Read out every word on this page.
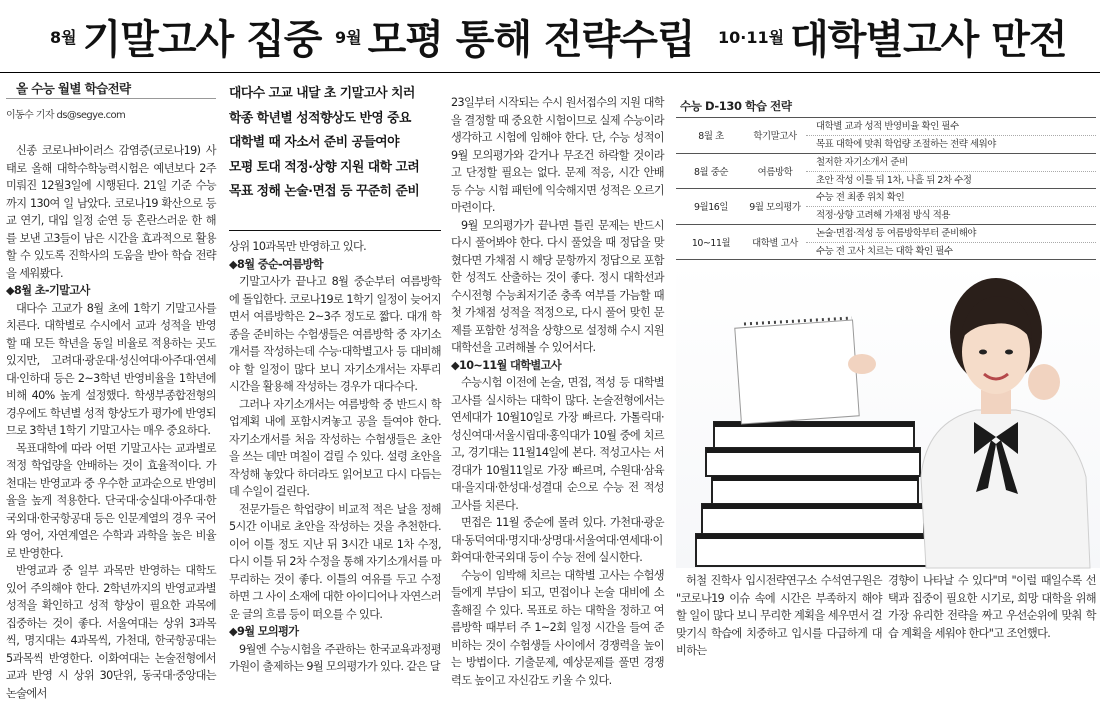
8월 기말고사 집중 9월 모평 통해 전략수립 10·11월 대학별고사 만전

올 수능 월별 학습전략

이동수 기자 ds@segye.com

신종 코로나바이러스 감염증(코로나19) 사태로 올해 대학수학능력시험은 예년보다 2주 미뤄진 12월3일에 시행된다. 21일 기준 수능까지 130여 일 남았다. 코로나19 확산으로 등교 연기, 대입 일정 순연 등 혼란스러운 한 해를 보낸 고3들이 남은 시간을 효과적으로 활용할 수 있도록 진학사의 도움을 받아 학습 전략을 세워봤다.

◆8월 초-기말고사

대다수 고교가 8월 초에 1학기 기말고사를 치른다. 대학별로 수시에서 교과 성적을 반영할 때 모든 학년을 동일 비율로 적용하는 곳도 있지만, 고려대·광운대·성신여대·아주대·연세대·인하대 등은 2~3학년 반영비율을 1학년에 비해 40% 높게 설정했다. 학생부종합전형의 경우에도 학년별 성적 향상도가 평가에 반영되므로 3학년 1학기 기말고사는 매우 중요하다.

목표대학에 따라 어떤 기말고사는 교과별로 적정 학업량을 안배하는 것이 효율적이다. 가천대는 반영교과 중 우수한 교과순으로 반영비율을 높게 적용한다. 단국대·숭실대·아주대·한국외대·한국항공대 등은 인문계열의 경우 국어와 영어, 자연계열은 수학과 과학을 높은 비율로 반영한다.

반영교과 중 일부 과목만 반영하는 대학도 있어 주의해야 한다. 2학년까지의 반영교과별 성적을 확인하고 성적 향상이 필요한 과목에 집중하는 것이 좋다. 서울여대는 상위 3과목씩, 명지대는 4과목씩, 가천대, 한국항공대는 5과목씩 반영한다. 이화여대는 논술전형에서 교과 반영 시 상위 30단위, 동국대·중앙대는 논술에서

대다수 고교 내달 초 기말고사 치러
학종 학년별 성적향상도 반영 중요
대학별 때 자소서 준비 공들여야
모평 토대 적정·상향 지원 대학 고려
목표 정해 논술·면접 등 꾸준히 준비

상위 10과목만 반영하고 있다.

◆8월 중순-여름방학

기말고사가 끝나고 8월 중순부터 여름방학에 돌입한다. 코로나19로 1학기 일정이 늦어지면서 여름방학은 2~3주 정도로 짧다. 대개 학종을 준비하는 수험생들은 여름방학 중 자기소개서를 작성하는데 수능·대학별고사 등 대비해야 할 일정이 많다 보니 자기소개서는 자투리 시간을 활용해 작성하는 경우가 대다수다.

그러나 자기소개서는 여름방학 중 반드시 학업계획 내에 포함시켜놓고 공을 들여야 한다. 자기소개서를 처음 작성하는 수험생들은 초안을 쓰는 데만 며칠이 걸릴 수 있다. 설령 초안을 작성해 놓았다 하더라도 읽어보고 다시 다듬는 데 수일이 걸린다.

전문가들은 학업량이 비교적 적은 날을 정해 5시간 이내로 초안을 작성하는 것을 추천한다. 이어 이틀 정도 지난 뒤 3시간 내로 1차 수정, 다시 이틀 뒤 2차 수정을 통해 자기소개서를 마무리하는 것이 좋다. 이틀의 여유를 두고 수정하면 그 사이 소재에 대한 아이디어나 자연스러운 글의 흐름 등이 떠오를 수 있다.

◆9월 모의평가

9월엔 수능시험을 주관하는 한국교육과정평가원이 출제하는 9월 모의평가가 있다. 같은 달

23일부터 시작되는 수시 원서접수의 지원 대학을 결정할 때 중요한 시험이므로 실제 수능이라 생각하고 시험에 임해야 한다. 단, 수능 성적이 9월 모의평가와 같거나 무조건 하락할 것이라고 단정할 필요는 없다. 문제 적응, 시간 안배 등 수능 시험 패턴에 익숙해지면 성적은 오르기 마련이다.

9월 모의평가가 끝나면 틀린 문제는 반드시 다시 풀어봐야 한다. 다시 풀었을 때 정답을 맞혔다면 가채점 시 해당 문항까지 정답으로 포함한 성적도 산출하는 것이 좋다. 정시 대학선과 수시전형 수능최저기준 충족 여부를 가늠할 때 첫 가채점 성적을 적정으로, 다시 풀어 맞힌 문제를 포함한 성적을 상향으로 설정해 수시 지원 대학선을 고려해볼 수 있어서다.

◆10~11월 대학별고사

수능시험 이전에 논술, 면접, 적성 등 대학별고사를 실시하는 대학이 많다. 논술전형에서는 연세대가 10월10일로 가장 빠르다. 가톨릭대·성신여대·서울시립대·홍익대가 10월 중에 치르고, 경기대는 11월14일에 본다. 적성고사는 서경대가 10월11일로 가장 빠르며, 수원대·삼육대·을지대·한성대·성결대 순으로 수능 전 적성고사를 치른다.

면접은 11월 중순에 몰려 있다. 가천대·광운대·동덕여대·명지대·상명대·서울여대·연세대·이화여대·한국외대 등이 수능 전에 실시한다.

수능이 임박해 치르는 대학별 고사는 수험생들에게 부담이 되고, 면접이나 논술 대비에 소홀해질 수 있다. 목표로 하는 대학을 정하고 여름방학 때부터 주 1~2회 일정 시간을 들여 준비하는 것이 수험생들 사이에서 경쟁력을 높이는 방법이다. 기출문제, 예상문제를 풀면 경쟁력도 높이고 자신감도 키울 수 있다.

수능 D-130 학습 전략
8월 초	학기말고사
대학별 교과 성적 반영비율 확인 필수
목표 대학에 맞춰 학업량 조절하는 전략 세워야
8월 중순	여름방학
철저한 자기소개서 준비
초안 작성 이틀 뒤 1차, 나흘 뒤 2차 수정
9월16일	9월 모의평가
수능 전 최종 위치 확인
적정·상향 고려해 가채점 방식 적용
10~11월	대학별 고사
논술·면접·적성 등 여름방학부터 준비해야
수능 전 고사 치르는 대학 확인 필수

허철 진학사 입시전략연구소 수석연구원은 "코로나19 이슈 속에 시간은 부족하지 해야 할 일이 많다 보니 무리한 계획을 세우면서 걸맞기식 학습에 치중하고 입시를 다급하게 대비하는

경향이 나타날 수 있다"며 "이럴 때일수록 선택과 집중이 필요한 시기로, 희망 대학을 위해 가장 유리한 전략을 짜고 우선순위에 맞춰 학습 계획을 세워야 한다"고 조언했다.
